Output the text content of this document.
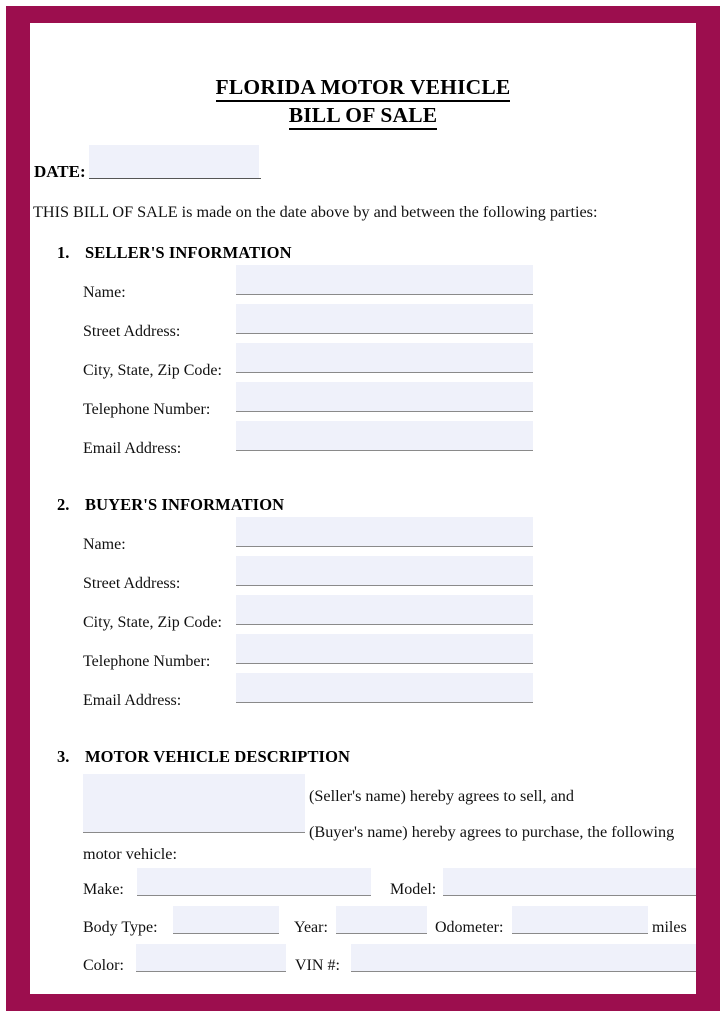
FLORIDA MOTOR VEHICLE
BILL OF SALE
DATE:
THIS BILL OF SALE is made on the date above by and between the following parties:
1. SELLER'S INFORMATION
Name:
Street Address:
City, State, Zip Code:
Telephone Number:
Email Address:
2. BUYER'S INFORMATION
Name:
Street Address:
City, State, Zip Code:
Telephone Number:
Email Address:
3. MOTOR VEHICLE DESCRIPTION
(Seller's name) hereby agrees to sell, and
(Buyer's name) hereby agrees to purchase, the following
motor vehicle:
Make:	Model:
Body Type:	Year:	Odometer:	miles
Color:	VIN #:
